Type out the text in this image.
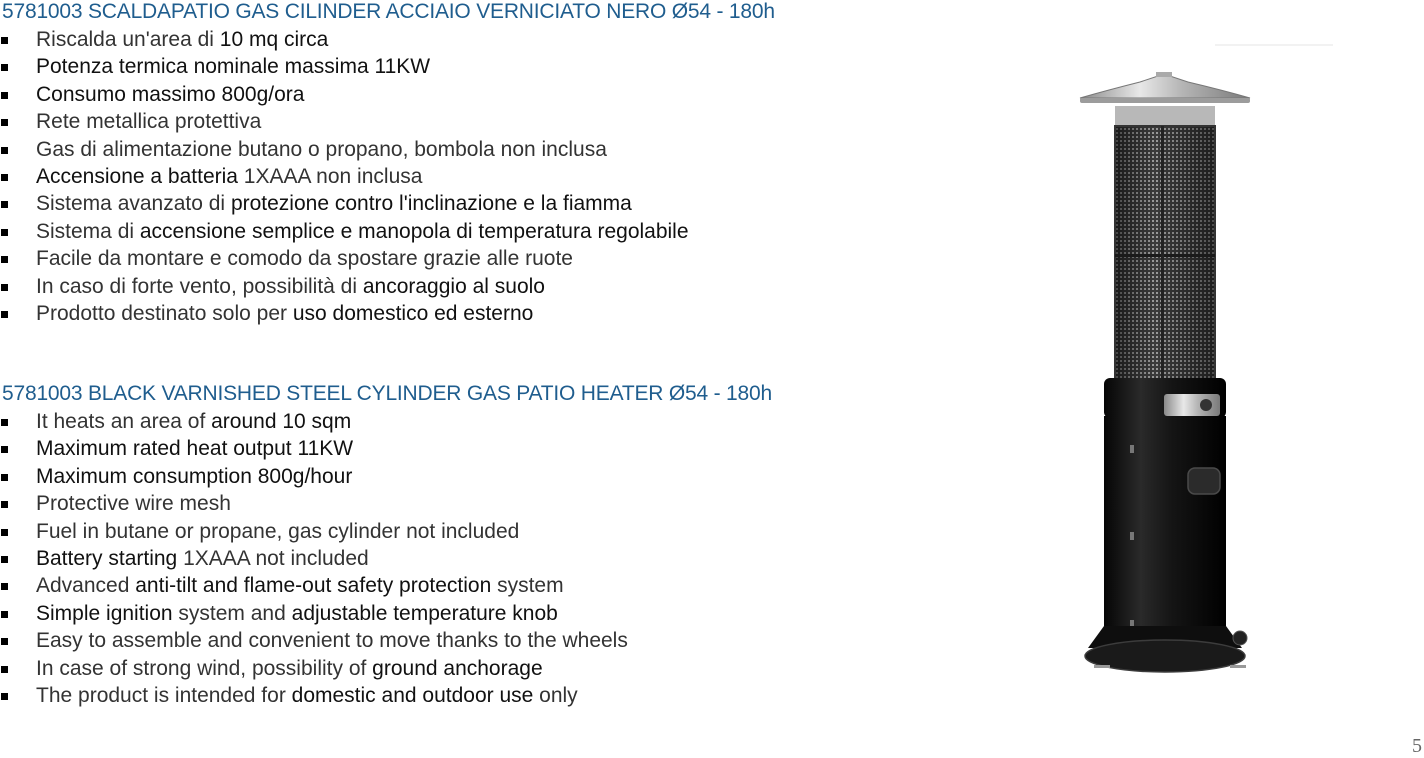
5781003 SCALDAPATIO GAS CILINDER ACCIAIO VERNICIATO NERO Ø54 - 180h
Riscalda un'area di 10 mq circa
Potenza termica nominale massima 11KW
Consumo massimo 800g/ora
Rete metallica protettiva
Gas di alimentazione butano o propano, bombola non inclusa
Accensione a batteria 1XAAA non inclusa
Sistema avanzato di protezione contro l'inclinazione e la fiamma
Sistema di accensione semplice e manopola di temperatura regolabile
Facile da montare e comodo da spostare grazie alle ruote
In caso di forte vento, possibilità di ancoraggio al suolo
Prodotto destinato solo per uso domestico ed esterno
5781003 BLACK VARNISHED STEEL CYLINDER GAS PATIO HEATER Ø54 - 180h
It heats an area of around 10 sqm
Maximum rated heat output 11KW
Maximum consumption 800g/hour
Protective wire mesh
Fuel in butane or propane, gas cylinder not included
Battery starting 1XAAA not included
Advanced anti-tilt and flame-out safety protection system
Simple ignition system and adjustable temperature knob
Easy to assemble and convenient to move thanks to the wheels
In case of strong wind, possibility of ground anchorage
The product is intended for domestic and outdoor use only
5
